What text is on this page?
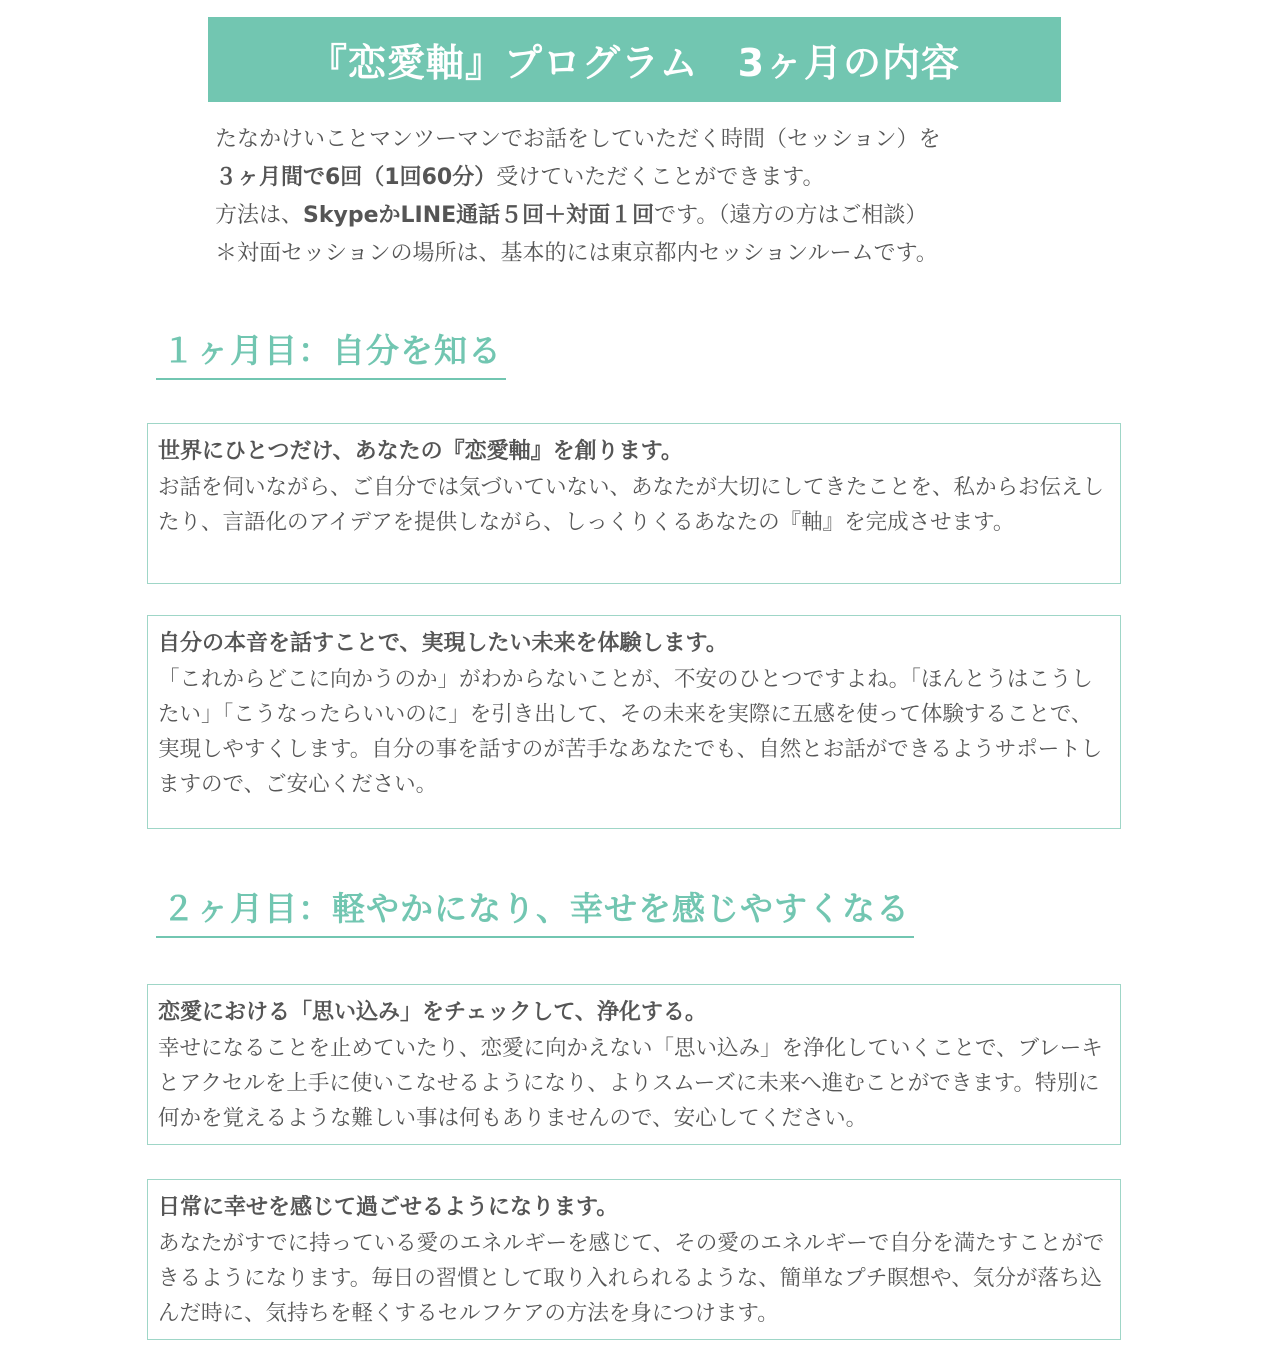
『恋愛軸』プログラム　3ヶ月の内容
たなかけいことマンツーマンでお話をしていただく時間（セッション）を
３ヶ月間で6回（1回60分）受けていただくことができます。
方法は、SkypeかLINE通話５回＋対面１回です。（遠方の方はご相談）
＊対面セッションの場所は、基本的には東京都内セッションルームです。
１ヶ月目：自分を知る
世界にひとつだけ、あなたの『恋愛軸』を創ります。
お話を伺いながら、ご自分では気づいていない、あなたが大切にしてきたことを、私からお伝えしたり、言語化のアイデアを提供しながら、しっくりくるあなたの『軸』を完成させます。
自分の本音を話すことで、実現したい未来を体験します。
「これからどこに向かうのか」がわからないことが、不安のひとつですよね。「ほんとうはこうしたい」「こうなったらいいのに」を引き出して、その未来を実際に五感を使って体験することで、実現しやすくします。自分の事を話すのが苦手なあなたでも、自然とお話ができるようサポートしますので、ご安心ください。
２ヶ月目：軽やかになり、幸せを感じやすくなる
恋愛における「思い込み」をチェックして、浄化する。
幸せになることを止めていたり、恋愛に向かえない「思い込み」を浄化していくことで、ブレーキとアクセルを上手に使いこなせるようになり、よりスムーズに未来へ進むことができます。特別に何かを覚えるような難しい事は何もありませんので、安心してください。
日常に幸せを感じて過ごせるようになります。
あなたがすでに持っている愛のエネルギーを感じて、その愛のエネルギーで自分を満たすことができるようになります。毎日の習慣として取り入れられるような、簡単なプチ瞑想や、気分が落ち込んだ時に、気持ちを軽くするセルフケアの方法を身につけます。
